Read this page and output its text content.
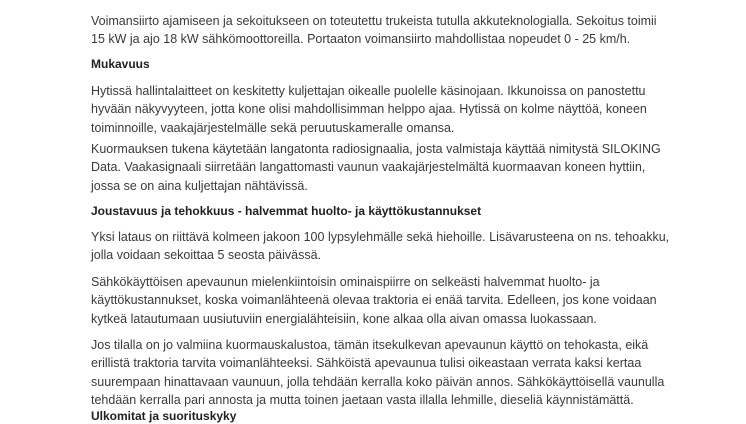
Voimansiirto ajamiseen ja sekoitukseen on toteutettu trukeista tutulla akkuteknologialla. Sekoitus toimii
15 kW ja ajo 18 kW sähkömoottoreilla. Portaaton voimansiirto mahdollistaa nopeudet 0 - 25 km/h.
Mukavuus
Hytissä hallintalaitteet on keskitetty kuljettajan oikealle puolelle käsinojaan. Ikkunoissa on panostettu
hyvään näkyvyyteen, jotta kone olisi mahdollisimman helppo ajaa. Hytissä on kolme näyttöä, koneen
toiminnoille, vaakajärjestelmälle sekä peruutuskameralle omansa.
Kuormauksen tukena käytetään langatonta radiosignaalia, josta valmistaja käyttää nimitystä SILOKING
Data. Vaakasignaali siirretään langattomasti vaunun vaakajärjestelmältä kuormaavan koneen hyttiin,
jossa se on aina kuljettajan nähtävissä.
Joustavuus ja tehokkuus - halvemmat huolto- ja käyttökustannukset
Yksi lataus on riittävä kolmeen jakoon 100 lypsylehmälle sekä hiehoille. Lisävarusteena on ns. tehoakku,
jolla voidaan sekoittaa 5 seosta päivässä.
Sähkökäyttöisen apevaunun mielenkiintoisin ominaispiirre on selkeästi halvemmat huolto- ja
käyttökustannukset, koska voimanlähteenä olevaa traktoria ei enää tarvita. Edelleen, jos kone voidaan
kytkeä latautumaan uusiutuviin energialähteisiin, kone alkaa olla aivan omassa luokassaan.
Jos tilalla on jo valmiina kuormauskalustoa, tämän itsekulkevan apevaunun käyttö on tehokasta, eikä
erillistä traktoria tarvita voimanlähteeksi. Sähköistä apevaunua tulisi oikeastaan verrata kaksi kertaa
suurempaan hinattavaan vaunuun, jolla tehdään kerralla koko päivän annos. Sähkökäyttöisellä vaunulla
tehdään kerralla pari annosta ja mutta toinen jaetaan vasta illalla lehmille, dieseliä käynnistämättä.
Ulkomitat ja suorituskyky
